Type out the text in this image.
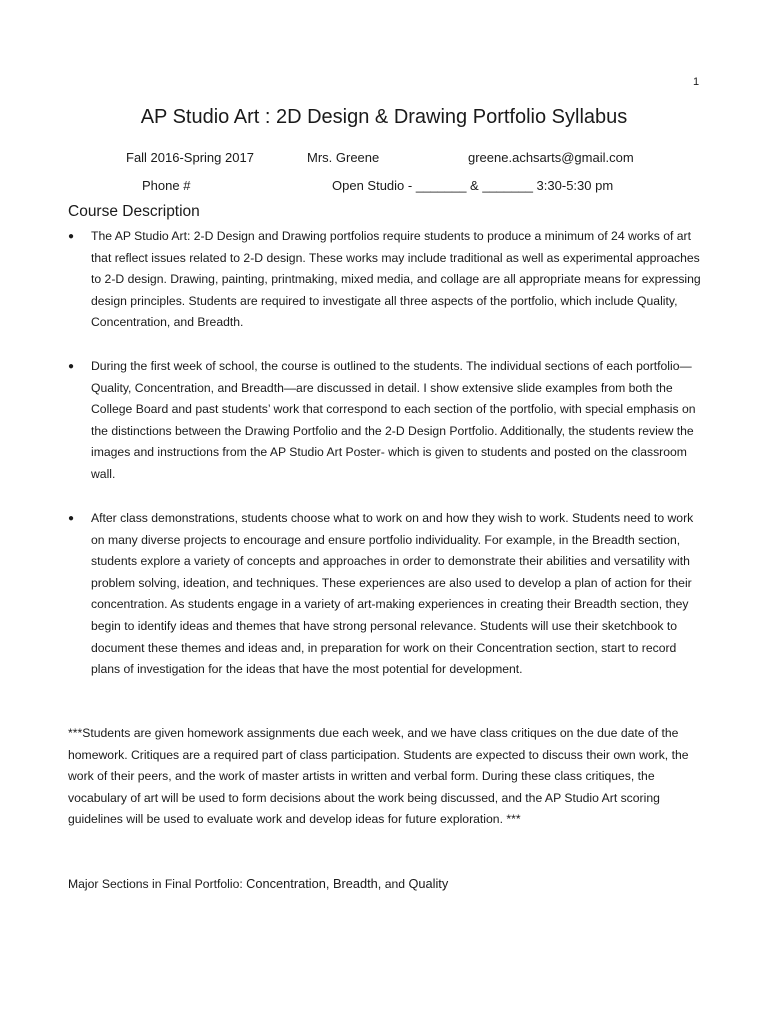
1
AP Studio Art : 2D Design & Drawing Portfolio Syllabus
Fall 2016-Spring 2017	Mrs. Greene	greene.achsarts@gmail.com
Phone #	Open Studio - _______ & _______ 3:30-5:30 pm
Course Description
● The AP Studio Art: 2-D Design and Drawing portfolios require students to produce a minimum of 24 works of art that reflect issues related to 2-D design. These works may include traditional as well as experimental approaches to 2-D design. Drawing, painting, printmaking, mixed media, and collage are all appropriate means for expressing design principles. Students are required to investigate all three aspects of the portfolio, which include Quality, Concentration, and Breadth.
● During the first week of school, the course is outlined to the students. The individual sections of each portfolio—Quality, Concentration, and Breadth—are discussed in detail. I show extensive slide examples from both the College Board and past students’ work that correspond to each section of the portfolio, with special emphasis on the distinctions between the Drawing Portfolio and the 2-D Design Portfolio. Additionally, the students review the images and instructions from the AP Studio Art Poster- which is given to students and posted on the classroom wall.
● After class demonstrations, students choose what to work on and how they wish to work. Students need to work on many diverse projects to encourage and ensure portfolio individuality. For example, in the Breadth section, students explore a variety of concepts and approaches in order to demonstrate their abilities and versatility with problem solving, ideation, and techniques. These experiences are also used to develop a plan of action for their concentration. As students engage in a variety of art-making experiences in creating their Breadth section, they begin to identify ideas and themes that have strong personal relevance. Students will use their sketchbook to document these themes and ideas and, in preparation for work on their Concentration section, start to record plans of investigation for the ideas that have the most potential for development.
***Students are given homework assignments due each week, and we have class critiques on the due date of the homework. Critiques are a required part of class participation. Students are expected to discuss their own work, the work of their peers, and the work of master artists in written and verbal form. During these class critiques, the vocabulary of art will be used to form decisions about the work being discussed, and the AP Studio Art scoring guidelines will be used to evaluate work and develop ideas for future exploration. ***
Major Sections in Final Portfolio: Concentration, Breadth, and Quality
